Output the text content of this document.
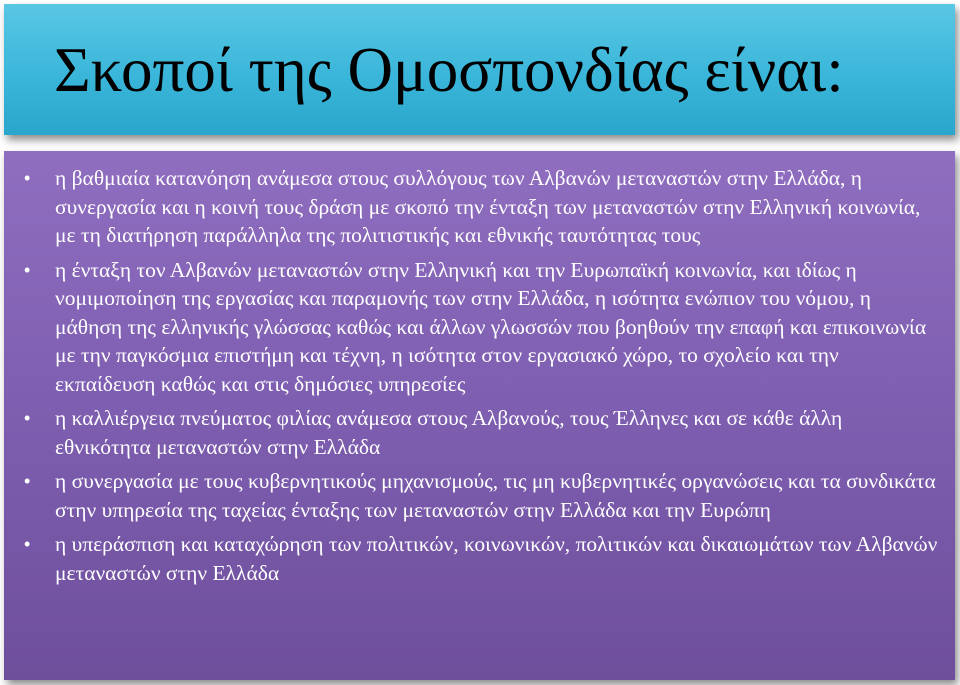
Σκοποί της Ομοσπονδίας είναι:
• η βαθμιαία κατανόηση ανάμεσα στους συλλόγους των Αλβανών μεταναστών στην Ελλάδα, η συνεργασία και η κοινή τους δράση με σκοπό την ένταξη των μεταναστών στην Ελληνική κοινωνία, με τη διατήρηση παράλληλα της πολιτιστικής και εθνικής ταυτότητας τους
• η ένταξη τον Αλβανών μεταναστών στην Ελληνική και την Ευρωπαϊκή κοινωνία, και ιδίως η νομιμοποίηση της εργασίας και παραμονής των στην Ελλάδα, η ισότητα ενώπιον του νόμου, η μάθηση της ελληνικής γλώσσας καθώς και άλλων γλωσσών που βοηθούν την επαφή και επικοινωνία με την παγκόσμια επιστήμη και τέχνη, η ισότητα στον εργασιακό χώρο, το σχολείο και την εκπαίδευση καθώς και στις δημόσιες υπηρεσίες
• η καλλιέργεια πνεύματος φιλίας ανάμεσα στους Αλβανούς, τους Έλληνες και σε κάθε άλλη εθνικότητα μεταναστών στην Ελλάδα
• η συνεργασία με τους κυβερνητικούς μηχανισμούς, τις μη κυβερνητικές οργανώσεις και τα συνδικάτα στην υπηρεσία της ταχείας ένταξης των μεταναστών στην Ελλάδα και την Ευρώπη
• η υπεράσπιση και καταχώρηση των πολιτικών, κοινωνικών, πολιτικών και δικαιωμάτων των Αλβανών μεταναστών στην Ελλάδα
